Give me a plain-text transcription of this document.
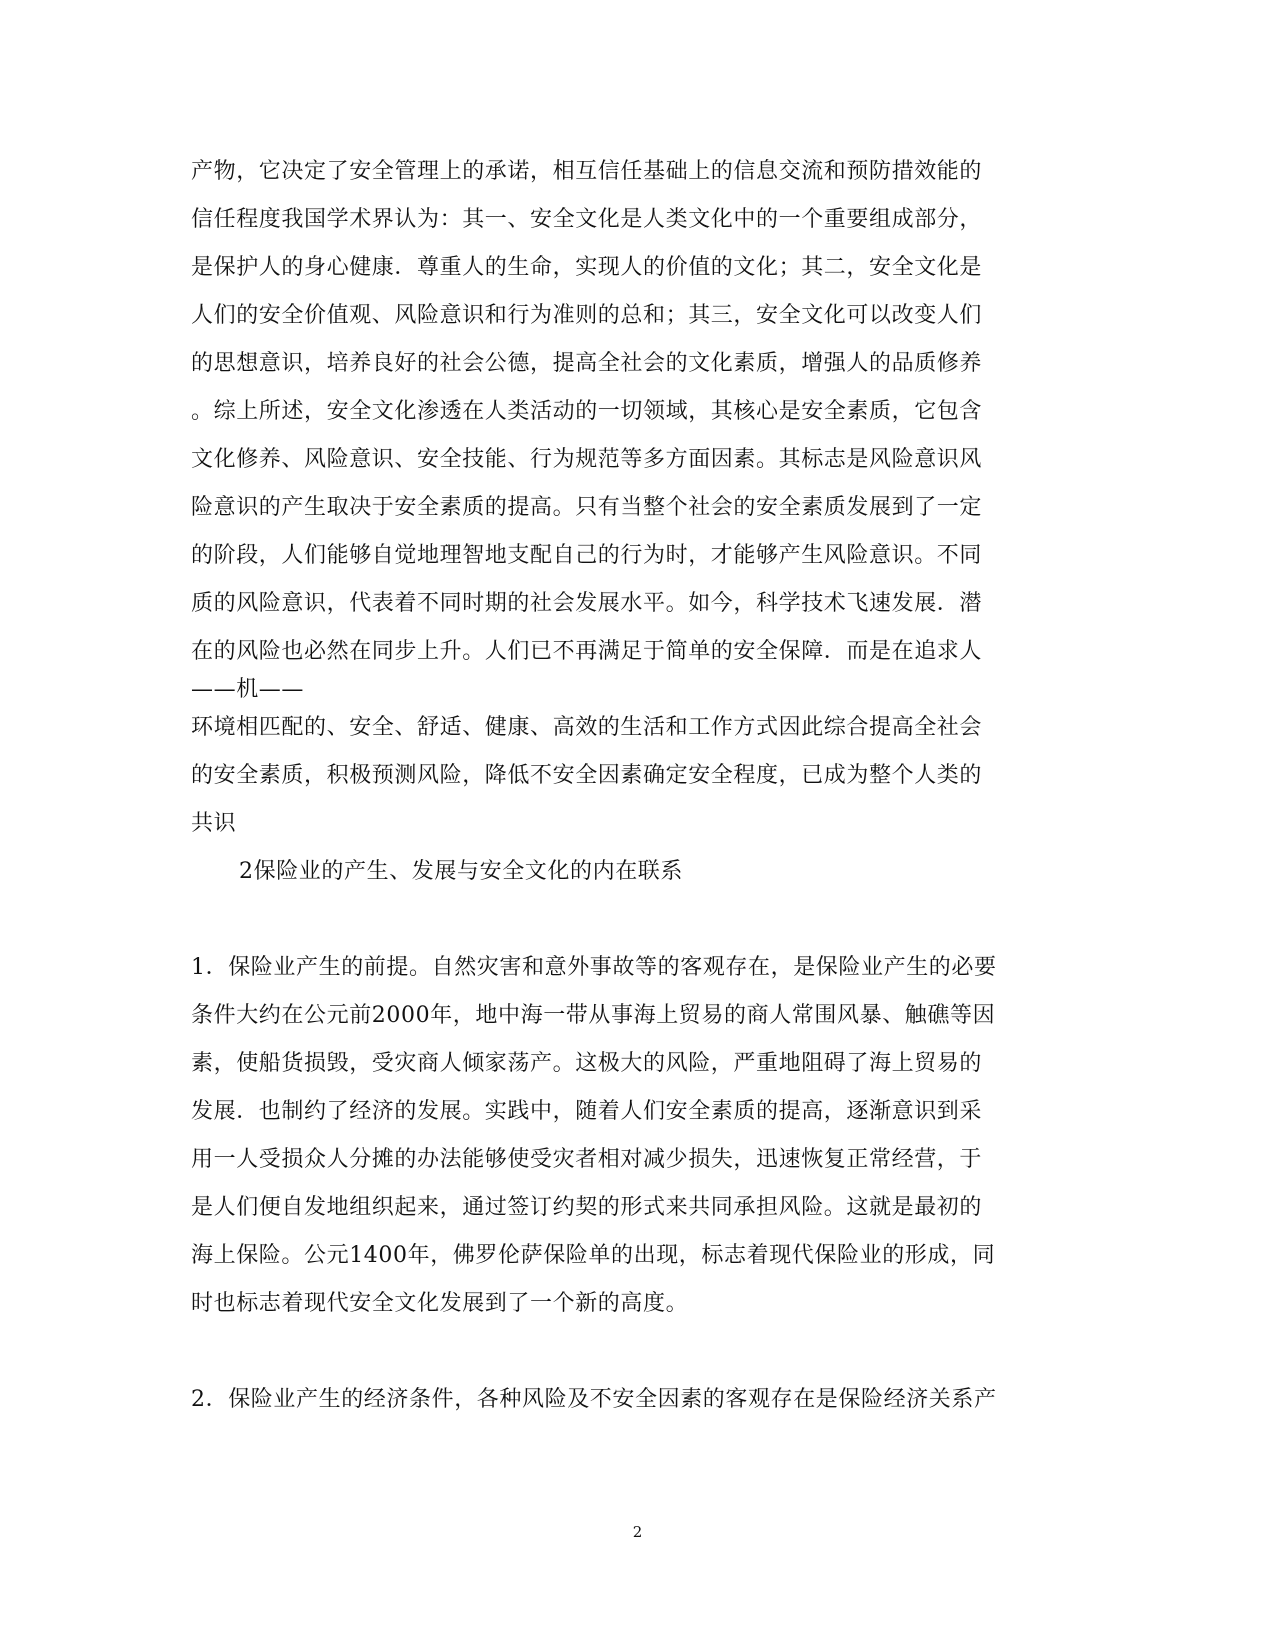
产物，它决定了安全管理上的承诺，相互信任基础上的信息交流和预防措效能的
信任程度我国学术界认为：其一、安全文化是人类文化中的一个重要组成部分，
是保护人的身心健康．尊重人的生命，实现人的价值的文化；其二，安全文化是
人们的安全价值观、风险意识和行为准则的总和；其三，安全文化可以改变人们
的思想意识，培养良好的社会公德，提高全社会的文化素质，增强人的品质修养
。综上所述，安全文化渗透在人类活动的一切领域，其核心是安全素质，它包含
文化修养、风险意识、安全技能、行为规范等多方面因素。其标志是风险意识风
险意识的产生取决于安全素质的提高。只有当整个社会的安全素质发展到了一定
的阶段，人们能够自觉地理智地支配自己的行为时，才能够产生风险意识。不同
质的风险意识，代表着不同时期的社会发展水平。如今，科学技术飞速发展．潜
在的风险也必然在同步上升。人们已不再满足于简单的安全保障．而是在追求人
——机——
环境相匹配的、安全、舒适、健康、高效的生活和工作方式因此综合提高全社会
的安全素质，积极预测风险，降低不安全因素确定安全程度，已成为整个人类的
共识
2保险业的产生、发展与安全文化的内在联系
1．保险业产生的前提。自然灾害和意外事故等的客观存在，是保险业产生的必要
条件大约在公元前2000年，地中海一带从事海上贸易的商人常围风暴、触礁等因
素，使船货损毁，受灾商人倾家荡产。这极大的风险，严重地阻碍了海上贸易的
发展．也制约了经济的发展。实践中，随着人们安全素质的提高，逐渐意识到采
用一人受损众人分摊的办法能够使受灾者相对减少损失，迅速恢复正常经营，于
是人们便自发地组织起来，通过签订约契的形式来共同承担风险。这就是最初的
海上保险。公元1400年，佛罗伦萨保险单的出现，标志着现代保险业的形成，同
时也标志着现代安全文化发展到了一个新的高度。
2．保险业产生的经济条件，各种风险及不安全因素的客观存在是保险经济关系产
2
